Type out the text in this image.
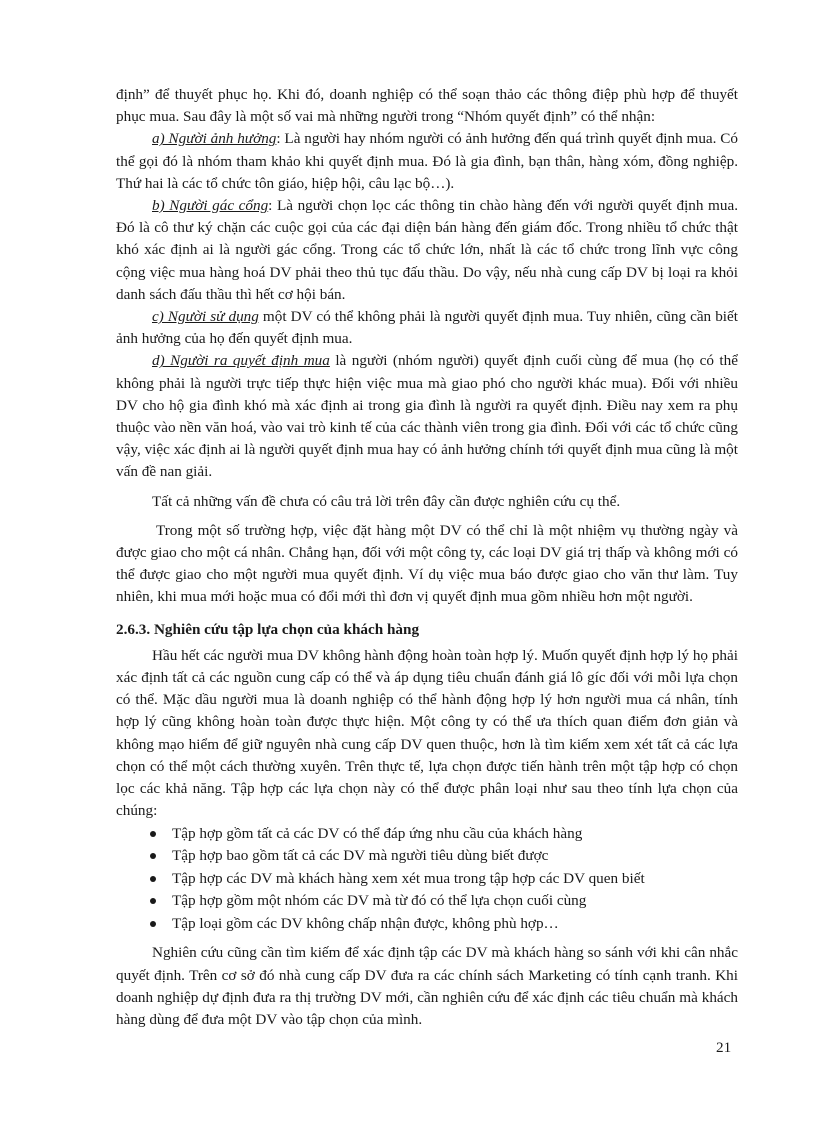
định” để thuyết phục họ. Khi đó, doanh nghiệp có thể soạn thảo các thông điệp phù hợp để thuyết phục mua. Sau đây là một số vai mà những người trong “Nhóm quyết định” có thể nhận:

a) Người ảnh hưởng: Là người hay nhóm người có ảnh hưởng đến quá trình quyết định mua. Có thể gọi đó là nhóm tham khảo khi quyết định mua. Đó là gia đình, bạn thân, hàng xóm, đồng nghiệp. Thứ hai là các tổ chức tôn giáo, hiệp hội, câu lạc bộ…).

b) Người gác cổng: Là người chọn lọc các thông tin chào hàng đến với người quyết định mua. Đó là cô thư ký chặn các cuộc gọi của các đại diện bán hàng đến giám đốc. Trong nhiều tổ chức thật khó xác định ai là người gác cổng. Trong các tổ chức lớn, nhất là các tổ chức trong lĩnh vực công cộng việc mua hàng hoá DV phải theo thủ tục đấu thầu. Do vậy, nếu nhà cung cấp DV bị loại ra khỏi danh sách đấu thầu thì hết cơ hội bán.

c) Người sử dụng một DV có thể không phải là người quyết định mua. Tuy nhiên, cũng cần biết ảnh hưởng của họ đến quyết định mua.

d) Người ra quyết định mua là người (nhóm người) quyết định cuối cùng để mua (họ có thể không phải là người trực tiếp thực hiện việc mua mà giao phó cho người khác mua). Đối với nhiều DV cho hộ gia đình khó mà xác định ai trong gia đình là người ra quyết định. Điều nay xem ra phụ thuộc vào nền văn hoá, vào vai trò kinh tế của các thành viên trong gia đình. Đối với các tổ chức cũng vậy, việc xác định ai là người quyết định mua hay có ảnh hưởng chính tới quyết định mua cũng là một vấn đề nan giải.

Tất cả những vấn đề chưa có câu trả lời trên đây cần được nghiên cứu cụ thể.

Trong một số trường hợp, việc đặt hàng một DV có thể chỉ là một nhiệm vụ thường ngày và được giao cho một cá nhân. Chẳng hạn, đối với một công ty, các loại DV giá trị thấp và không mới có thể được giao cho một người mua quyết định. Ví dụ việc mua báo được giao cho văn thư làm. Tuy nhiên, khi mua mới hoặc mua có đổi mới thì đơn vị quyết định mua gồm nhiều hơn một người.

2.6.3. Nghiên cứu tập lựa chọn của khách hàng

Hầu hết các người mua DV không hành động hoàn toàn hợp lý. Muốn quyết định hợp lý họ phải xác định tất cả các nguồn cung cấp có thể và áp dụng tiêu chuẩn đánh giá lô gíc đối với mỗi lựa chọn có thể. Mặc dầu người mua là doanh nghiệp có thể hành động hợp lý hơn người mua cá nhân, tính hợp lý cũng không hoàn toàn được thực hiện. Một công ty có thể ưa thích quan điểm đơn giản và không mạo hiểm để giữ nguyên nhà cung cấp DV quen thuộc, hơn là tìm kiếm xem xét tất cả các lựa chọn có thể một cách thường xuyên. Trên thực tế, lựa chọn được tiến hành trên một tập hợp có chọn lọc các khả năng. Tập hợp các lựa chọn này có thể được phân loại như sau theo tính lựa chọn của chúng:

Tập hợp gồm tất cả các DV có thể đáp ứng nhu cầu của khách hàng
Tập hợp bao gồm tất cả các DV mà người tiêu dùng biết được
Tập hợp các DV mà khách hàng xem xét mua trong tập hợp các DV quen biết
Tập hợp gồm một nhóm các DV mà từ đó có thể lựa chọn cuối cùng
Tập loại gồm các DV không chấp nhận được, không phù hợp…

Nghiên cứu cũng cần tìm kiếm để xác định tập các DV mà khách hàng so sánh với khi cân nhắc quyết định. Trên cơ sở đó nhà cung cấp DV đưa ra các chính sách Marketing có tính cạnh tranh. Khi doanh nghiệp dự định đưa ra thị trường DV mới, cần nghiên cứu để xác định các tiêu chuẩn mà khách hàng dùng để đưa một DV vào tập chọn của mình.

21
